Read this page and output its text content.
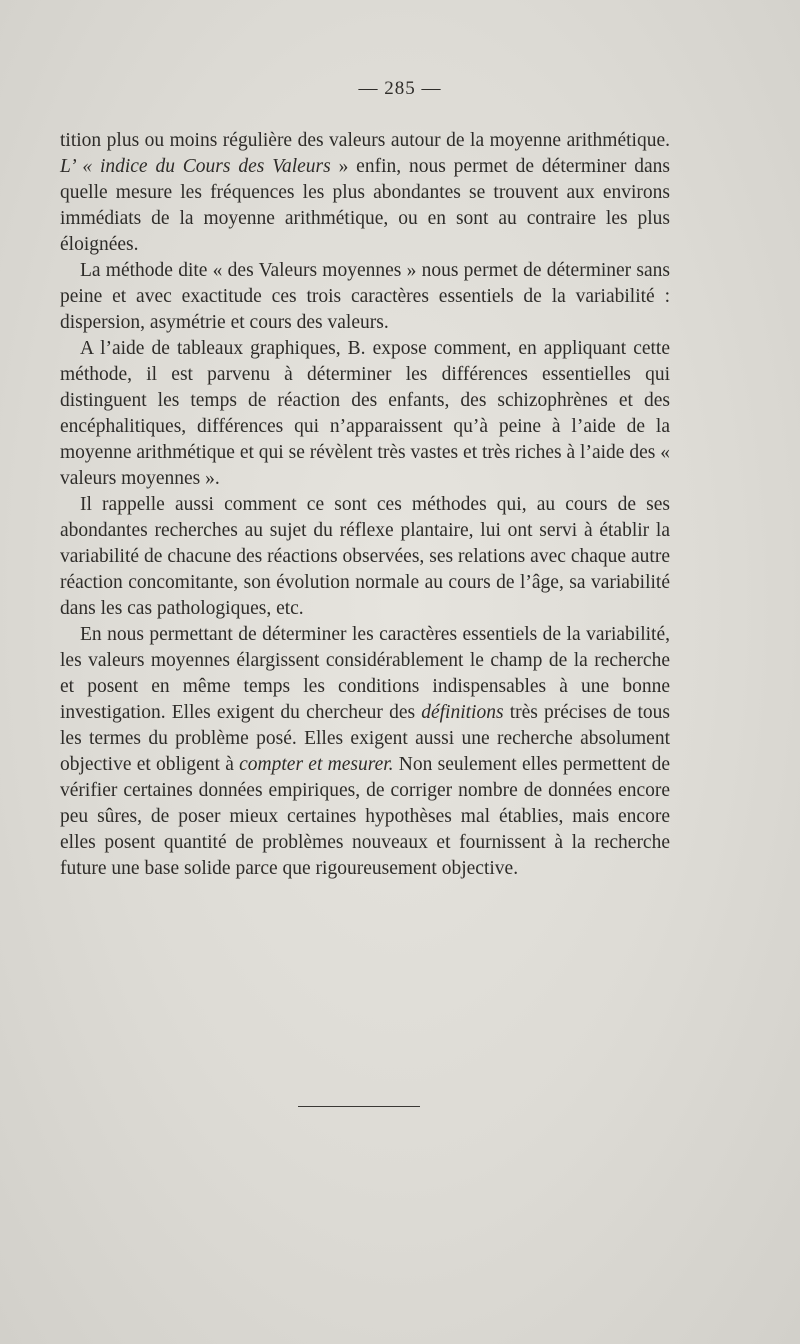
— 285 —

tition plus ou moins régulière des valeurs autour de la moyenne arithmétique. L’ « indice du Cours des Valeurs » enfin, nous permet de déterminer dans quelle mesure les fréquences les plus abondantes se trouvent aux environs immédiats de la moyenne arithmétique, ou en sont au contraire les plus éloignées.

La méthode dite « des Valeurs moyennes » nous permet de déterminer sans peine et avec exactitude ces trois caractères essentiels de la variabilité : dispersion, asymétrie et cours des valeurs.

A l’aide de tableaux graphiques, B. expose comment, en appliquant cette méthode, il est parvenu à déterminer les différences essentielles qui distinguent les temps de réaction des enfants, des schizophrènes et des encéphalitiques, différences qui n’apparaissent qu’à peine à l’aide de la moyenne arithmétique et qui se révèlent très vastes et très riches à l’aide des « valeurs moyennes ».

Il rappelle aussi comment ce sont ces méthodes qui, au cours de ses abondantes recherches au sujet du réflexe plantaire, lui ont servi à établir la variabilité de chacune des réactions observées, ses relations avec chaque autre réaction concomitante, son évolution normale au cours de l’âge, sa variabilité dans les cas pathologiques, etc.

En nous permettant de déterminer les caractères essentiels de la variabilité, les valeurs moyennes élargissent considérablement le champ de la recherche et posent en même temps les conditions indispensables à une bonne investigation. Elles exigent du chercheur des définitions très précises de tous les termes du problème posé. Elles exigent aussi une recherche absolument objective et obligent à compter et mesurer. Non seulement elles permettent de vérifier certaines données empiriques, de corriger nombre de données encore peu sûres, de poser mieux certaines hypothèses mal établies, mais encore elles posent quantité de problèmes nouveaux et fournissent à la recherche future une base solide parce que rigoureusement objective.
